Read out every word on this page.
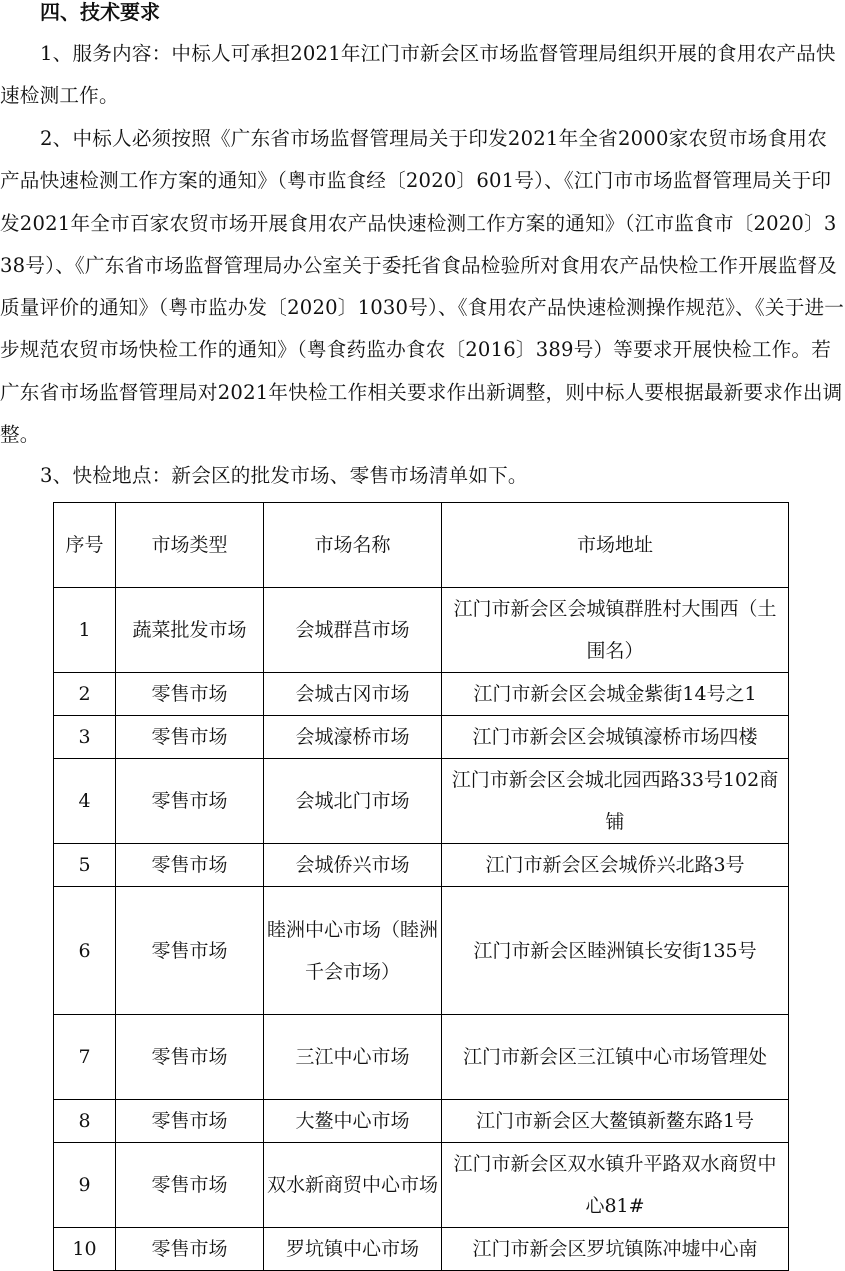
四、技术要求

1、服务内容：中标人可承担2021年江门市新会区市场监督管理局组织开展的食用农产品快速检测工作。

2、中标人必须按照《广东省市场监督管理局关于印发2021年全省2000家农贸市场食用农产品快速检测工作方案的通知》（粤市监食经〔2020〕601号）、《江门市市场监督管理局关于印发2021年全市百家农贸市场开展食用农产品快速检测工作方案的通知》（江市监食市〔2020〕338号）、《广东省市场监督管理局办公室关于委托省食品检验所对食用农产品快检工作开展监督及质量评价的通知》（粤市监办发〔2020〕1030号）、《食用农产品快速检测操作规范》、《关于进一步规范农贸市场快检工作的通知》（粤食药监办食农〔2016〕389号）等要求开展快检工作。若广东省市场监督管理局对2021年快检工作相关要求作出新调整，则中标人要根据最新要求作出调整。

3、快检地点：新会区的批发市场、零售市场清单如下。

序号	市场类型	市场名称	市场地址
1	蔬菜批发市场	会城群莒市场	江门市新会区会城镇群胜村大围西（土围名）
2	零售市场	会城古冈市场	江门市新会区会城金紫街14号之1
3	零售市场	会城濠桥市场	江门市新会区会城镇濠桥市场四楼
4	零售市场	会城北门市场	江门市新会区会城北园西路33号102商铺
5	零售市场	会城侨兴市场	江门市新会区会城侨兴北路3号
6	零售市场	睦洲中心市场（睦洲千会市场）	江门市新会区睦洲镇长安街135号
7	零售市场	三江中心市场	江门市新会区三江镇中心市场管理处
8	零售市场	大鳌中心市场	江门市新会区大鳌镇新鳌东路1号
9	零售市场	双水新商贸中心市场	江门市新会区双水镇升平路双水商贸中心81#
10	零售市场	罗坑镇中心市场	江门市新会区罗坑镇陈冲墟中心南
